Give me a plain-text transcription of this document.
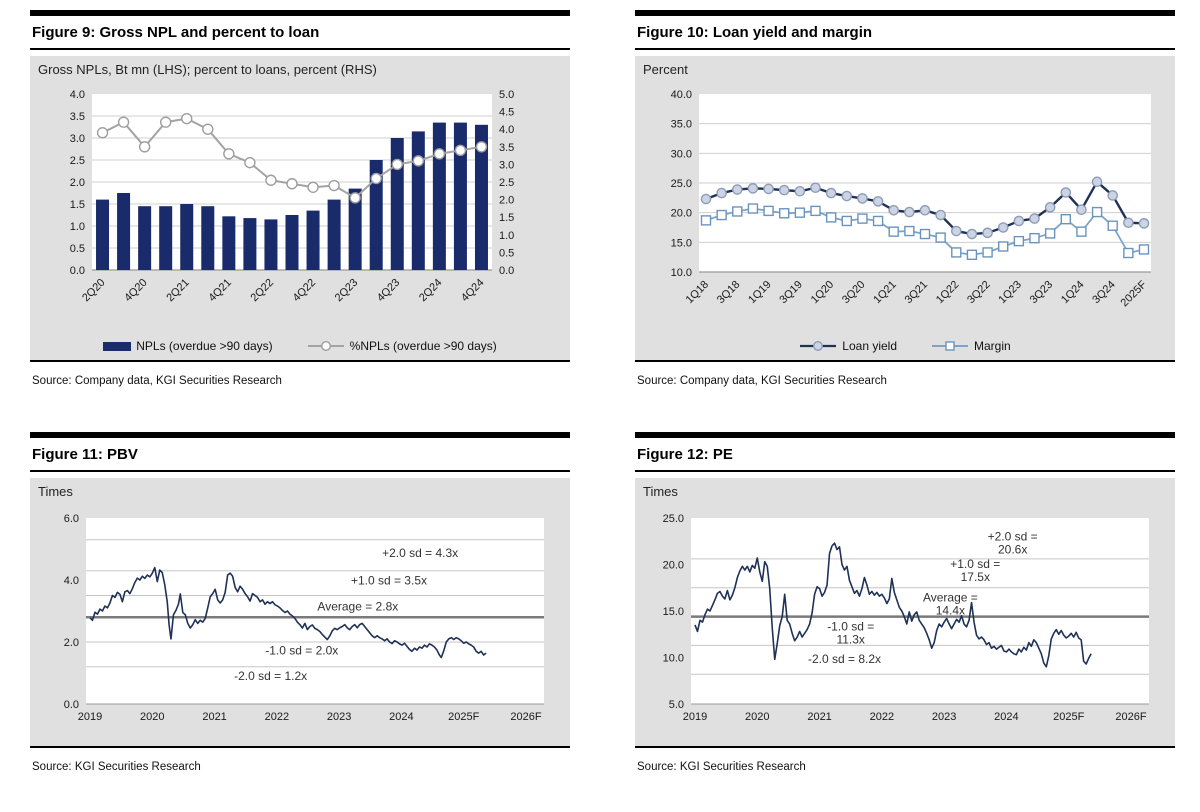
Figure 9: Gross NPL and percent to loan
Gross NPLs, Bt mn (LHS); percent to loans, percent (RHS)
0.0
0.5
1.0
1.5
2.0
2.5
3.0
3.5
4.0
0.0
0.5
1.0
1.5
2.0
2.5
3.0
3.5
4.0
4.5
5.0
2Q20 4Q20 2Q21 4Q21 2Q22 4Q22 2Q23 4Q23 2Q24 4Q24
NPLs (overdue >90 days)	%NPLs (overdue >90 days)
Source: Company data, KGI Securities Research
Figure 10: Loan yield and margin
Percent
10.0
15.0
20.0
25.0
30.0
35.0
40.0
1Q18 3Q18 1Q19 3Q19 1Q20 3Q20 1Q21 3Q21 1Q22 3Q22 1Q23 3Q23 1Q24 3Q24 2025F
Loan yield	Margin
Source: Company data, KGI Securities Research
Figure 11: PBV
Times
0.0
2.0
4.0
6.0
2019	2020	2021	2022	2023	2024	2025F	2026F
+2.0 sd = 4.3x
+1.0 sd = 3.5x
Average = 2.8x
-1.0 sd = 2.0x
-2.0 sd = 1.2x
Source: KGI Securities Research
Figure 12: PE
Times
5.0
10.0
15.0
20.0
25.0
2019	2020	2021	2022	2023	2024	2025F	2026F
+2.0 sd = 20.6x
+1.0 sd = 17.5x
Average = 14.4x
-1.0 sd = 11.3x
-2.0 sd = 8.2x
Source: KGI Securities Research
